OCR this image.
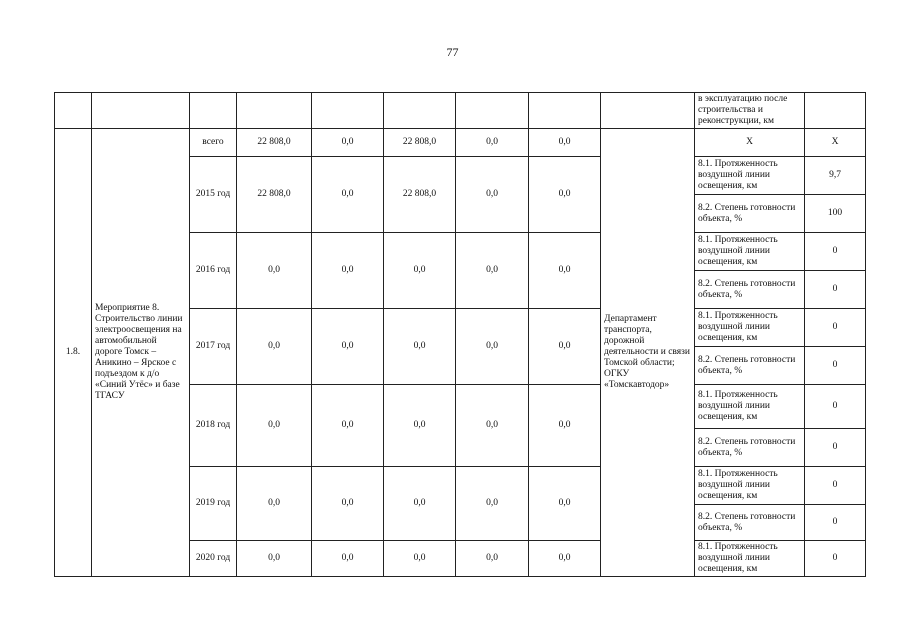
77
									в эксплуатацию после строительства и реконструкции, км	
1.8.	Мероприятие 8. Строительство линии электроосвещения на автомобильной дороге Томск – Аникино – Ярское с подъездом к д/о «Синий Утёс» и базе ТГАСУ	всего	22 808,0	0,0	22 808,0	0,0	0,0	Департамент транспорта, дорожной деятельности и связи Томской области; ОГКУ «Томскавтодор»	Х	Х
		2015 год	22 808,0	0,0	22 808,0	0,0	0,0		8.1. Протяженность воздушной линии освещения, км	9,7
									8.2. Степень готовности объекта, %	100
		2016 год	0,0	0,0	0,0	0,0	0,0		8.1. Протяженность воздушной линии освещения, км	0
									8.2. Степень готовности объекта, %	0
		2017 год	0,0	0,0	0,0	0,0	0,0		8.1. Протяженность воздушной линии освещения, км	0
									8.2. Степень готовности объекта, %	0
		2018 год	0,0	0,0	0,0	0,0	0,0		8.1. Протяженность воздушной линии освещения, км	0
									8.2. Степень готовности объекта, %	0
		2019 год	0,0	0,0	0,0	0,0	0,0		8.1. Протяженность воздушной линии освещения, км	0
									8.2. Степень готовности объекта, %	0
		2020 год	0,0	0,0	0,0	0,0	0,0		8.1. Протяженность воздушной линии освещения, км	0
